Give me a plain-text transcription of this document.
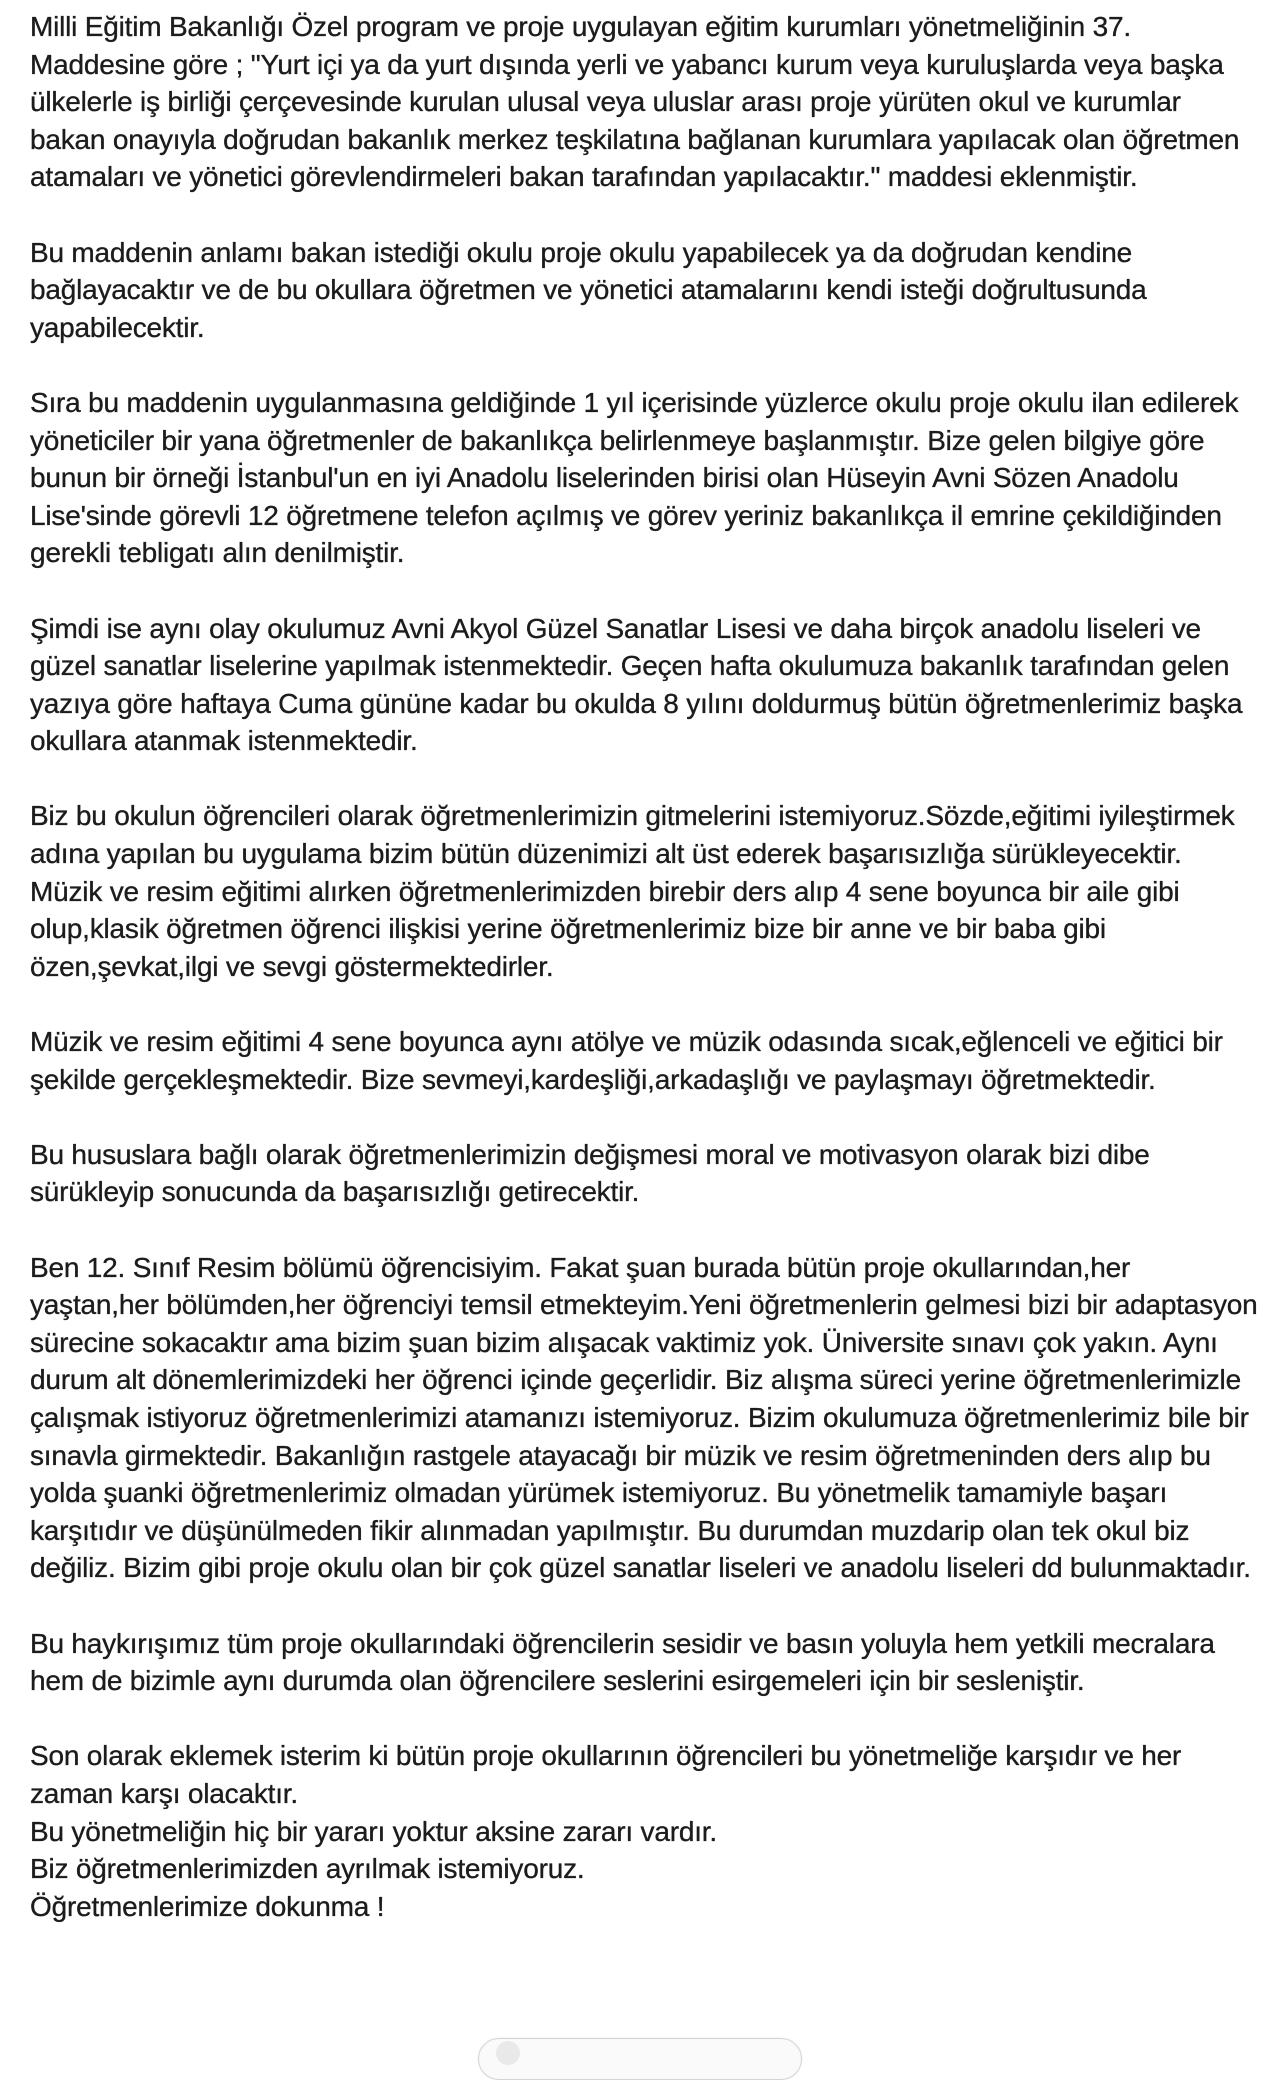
Milli Eğitim Bakanlığı Özel program ve proje uygulayan eğitim kurumları yönetmeliğinin 37. Maddesine göre ; "Yurt içi ya da yurt dışında yerli ve yabancı kurum veya kuruluşlarda veya başka ülkelerle iş birliği çerçevesinde kurulan ulusal veya uluslar arası proje yürüten okul ve kurumlar bakan onayıyla doğrudan bakanlık merkez teşkilatına bağlanan kurumlara yapılacak olan öğretmen atamaları ve yönetici görevlendirmeleri bakan tarafından yapılacaktır." maddesi eklenmiştir.

Bu maddenin anlamı bakan istediği okulu proje okulu yapabilecek ya da doğrudan kendine bağlayacaktır ve de bu okullara öğretmen ve yönetici atamalarını kendi isteği doğrultusunda yapabilecektir.

Sıra bu maddenin uygulanmasına geldiğinde 1 yıl içerisinde yüzlerce okulu proje okulu ilan edilerek yöneticiler bir yana öğretmenler de bakanlıkça belirlenmeye başlanmıştır. Bize gelen bilgiye göre bunun bir örneği İstanbul'un en iyi Anadolu liselerinden birisi olan Hüseyin Avni Sözen Anadolu Lise'sinde görevli 12 öğretmene telefon açılmış ve görev yeriniz bakanlıkça il emrine çekildiğinden gerekli tebligatı alın denilmiştir.

Şimdi ise aynı olay okulumuz Avni Akyol Güzel Sanatlar Lisesi ve daha birçok anadolu liseleri ve güzel sanatlar liselerine yapılmak istenmektedir. Geçen hafta okulumuza bakanlık tarafından gelen yazıya göre haftaya Cuma gününe kadar bu okulda 8 yılını doldurmuş bütün öğretmenlerimiz başka okullara atanmak istenmektedir.

Biz bu okulun öğrencileri olarak öğretmenlerimizin gitmelerini istemiyoruz.Sözde,eğitimi iyileştirmek adına yapılan bu uygulama bizim bütün düzenimizi alt üst ederek başarısızlığa sürükleyecektir. Müzik ve resim eğitimi alırken öğretmenlerimizden birebir ders alıp 4 sene boyunca bir aile gibi olup,klasik öğretmen öğrenci ilişkisi yerine öğretmenlerimiz bize bir anne ve bir baba gibi özen,şevkat,ilgi ve sevgi göstermektedirler.

Müzik ve resim eğitimi 4 sene boyunca aynı atölye ve müzik odasında sıcak,eğlenceli ve eğitici bir şekilde gerçekleşmektedir. Bize sevmeyi,kardeşliği,arkadaşlığı ve paylaşmayı öğretmektedir.

Bu hususlara bağlı olarak öğretmenlerimizin değişmesi moral ve motivasyon olarak bizi dibe sürükleyip sonucunda da başarısızlığı getirecektir.

Ben 12. Sınıf Resim bölümü öğrencisiyim. Fakat şuan burada bütün proje okullarından,her yaştan,her bölümden,her öğrenciyi temsil etmekteyim.Yeni öğretmenlerin gelmesi bizi bir adaptasyon sürecine sokacaktır ama bizim şuan bizim alışacak vaktimiz yok. Üniversite sınavı çok yakın. Aynı durum alt dönemlerimizdeki her öğrenci içinde geçerlidir. Biz alışma süreci yerine öğretmenlerimizle çalışmak istiyoruz öğretmenlerimizi atamanızı istemiyoruz. Bizim okulumuza öğretmenlerimiz bile bir sınavla girmektedir. Bakanlığın rastgele atayacağı bir müzik ve resim öğretmeninden ders alıp bu yolda şuanki öğretmenlerimiz olmadan yürümek istemiyoruz. Bu yönetmelik tamamiyle başarı karşıtıdır ve düşünülmeden fikir alınmadan yapılmıştır. Bu durumdan muzdarip olan tek okul biz değiliz. Bizim gibi proje okulu olan bir çok güzel sanatlar liseleri ve anadolu liseleri dd bulunmaktadır.

Bu haykırışımız tüm proje okullarındaki öğrencilerin sesidir ve basın yoluyla hem yetkili mecralara hem de bizimle aynı durumda olan öğrencilere seslerini esirgemeleri için bir sesleniştir.

Son olarak eklemek isterim ki bütün proje okullarının öğrencileri bu yönetmeliğe karşıdır ve her zaman karşı olacaktır.

Bu yönetmeliğin hiç bir yararı yoktur aksine zararı vardır.

Biz öğretmenlerimizden ayrılmak istemiyoruz.

Öğretmenlerimize dokunma !
